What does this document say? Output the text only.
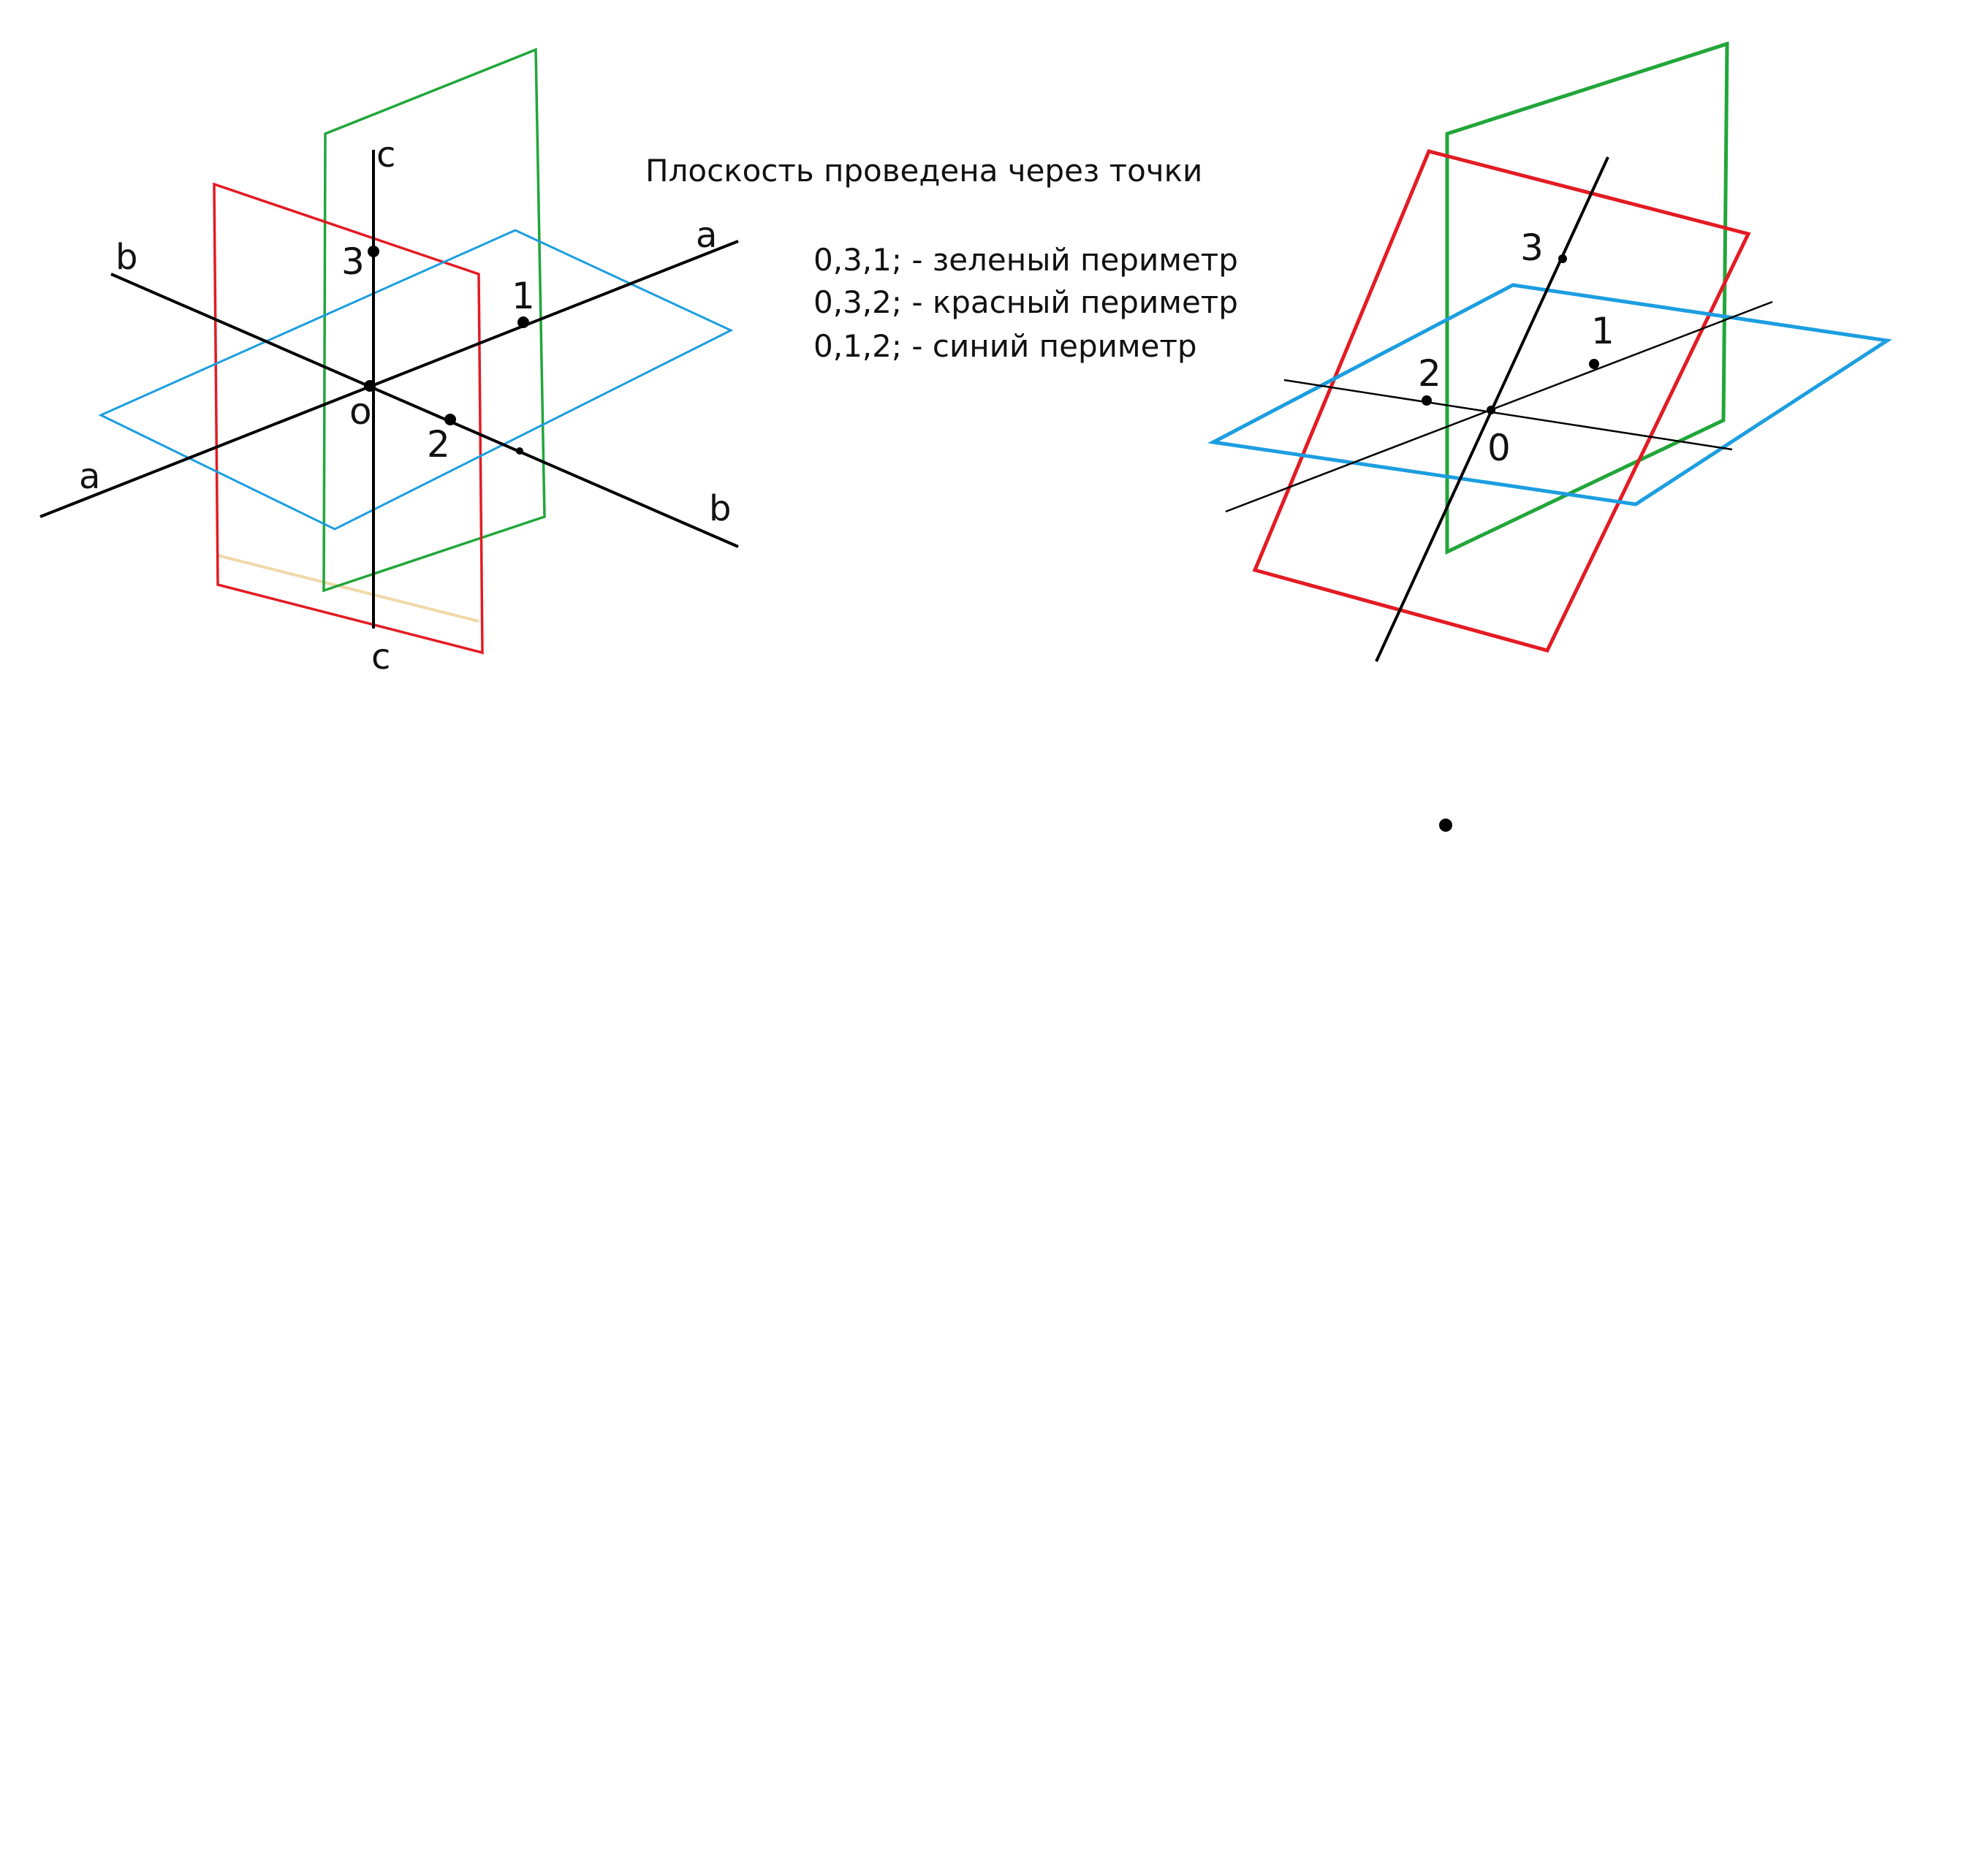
a
a
b
b
c
c
o
1
2
3
Плоскость проведена через точки
0,3,1; - зеленый периметр
0,3,2; - красный периметр
0,1,2; - синий периметр
0
1
2
3
